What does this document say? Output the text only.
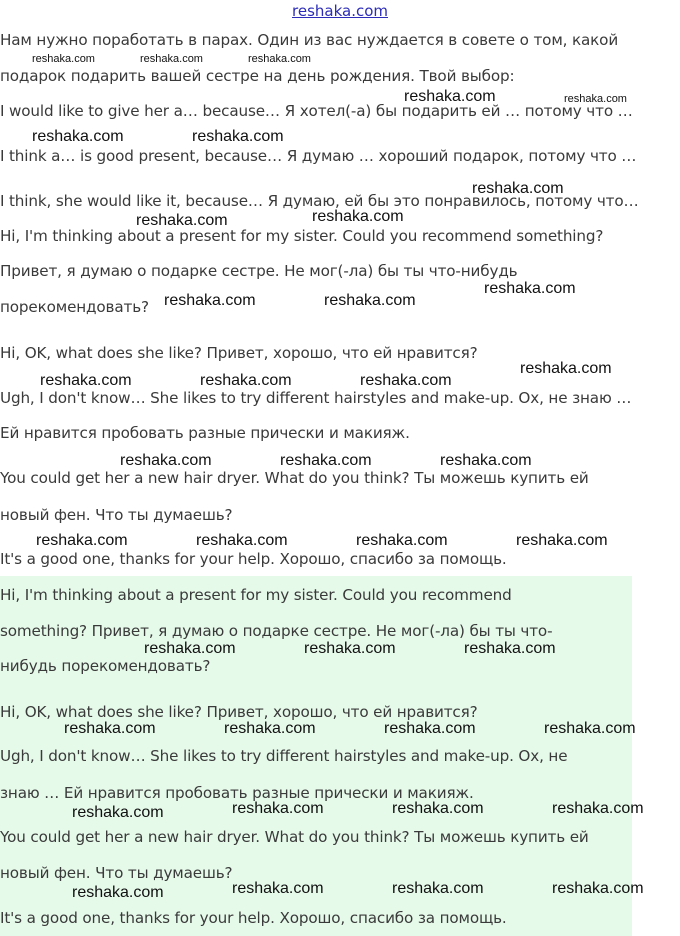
reshaka.com
Нам нужно поработать в парах. Один из вас нуждается в совете о том, какой
подарок подарить вашей сестре на день рождения. Твой выбор:
I would like to give her a… because… Я хотел(-а) бы подарить ей … потому что …
I think a… is good present, because… Я думаю … хороший подарок, потому что …
I think, she would like it, because… Я думаю, ей бы это понравилось, потому что…
Hi, I'm thinking about a present for my sister. Could you recommend something?
Привет, я думаю о подарке сестре. Не мог(-ла) бы ты что-нибудь
порекомендовать?
Hi, OK, what does she like? Привет, хорошо, что ей нравится?
Ugh, I don't know… She likes to try different hairstyles and make-up. Ох, не знаю …
Ей нравится пробовать разные прически и макияж.
You could get her a new hair dryer. What do you think? Ты можешь купить ей
новый фен. Что ты думаешь?
It's a good one, thanks for your help. Хорошо, спасибо за помощь.
Hi, I'm thinking about a present for my sister. Could you recommend
something? Привет, я думаю о подарке сестре. Не мог(-ла) бы ты что-
нибудь порекомендовать?
Hi, OK, what does she like? Привет, хорошо, что ей нравится?
Ugh, I don't know… She likes to try different hairstyles and make-up. Ох, не
знаю … Ей нравится пробовать разные прически и макияж.
You could get her a new hair dryer. What do you think? Ты можешь купить ей
новый фен. Что ты думаешь?
It's a good one, thanks for your help. Хорошо, спасибо за помощь.
reshaka.com	reshaka.com	reshaka.com
reshaka.com
reshaka.com
reshaka.com	reshaka.com
reshaka.com
reshaka.com
reshaka.com
reshaka.com
reshaka.com	reshaka.com
reshaka.com
reshaka.com	reshaka.com	reshaka.com
reshaka.com	reshaka.com	reshaka.com
reshaka.com	reshaka.com	reshaka.com	reshaka.com
reshaka.com	reshaka.com	reshaka.com
reshaka.com	reshaka.com	reshaka.com	reshaka.com
reshaka.com	reshaka.com	reshaka.com
reshaka.com
reshaka.com	reshaka.com	reshaka.com
reshaka.com
